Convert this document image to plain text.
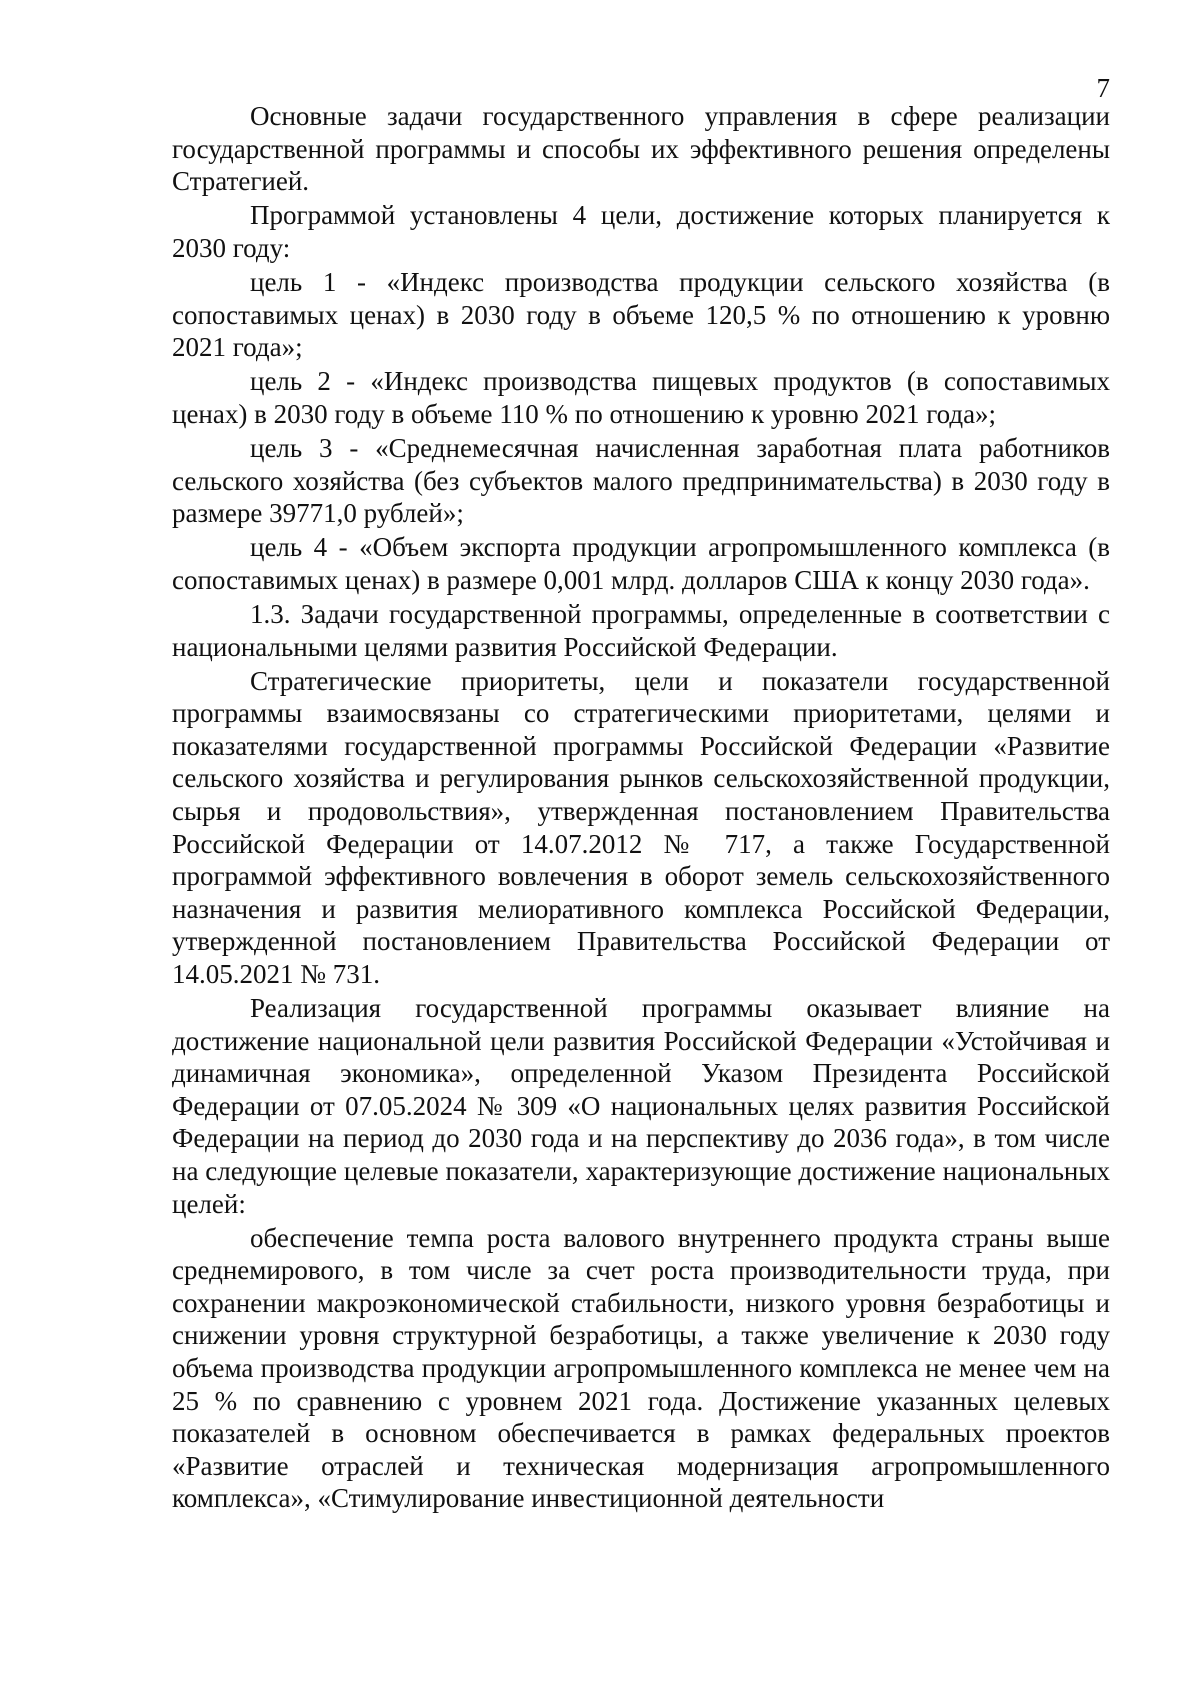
7

Основные задачи государственного управления в сфере реализации государственной программы и способы их эффективного решения определены Стратегией.

Программой установлены 4 цели, достижение которых планируется к 2030 году:

цель 1 - «Индекс производства продукции сельского хозяйства (в сопоставимых ценах) в 2030 году в объеме 120,5 % по отношению к уровню 2021 года»;

цель 2 - «Индекс производства пищевых продуктов (в сопоставимых ценах) в 2030 году в объеме 110 % по отношению к уровню 2021 года»;

цель 3 - «Среднемесячная начисленная заработная плата работников сельского хозяйства (без субъектов малого предпринимательства) в 2030 году в размере 39771,0 рублей»;

цель 4 - «Объем экспорта продукции агропромышленного комплекса (в сопоставимых ценах) в размере 0,001 млрд. долларов США к концу 2030 года».

1.3. Задачи государственной программы, определенные в соответствии с национальными целями развития Российской Федерации.

Стратегические приоритеты, цели и показатели государственной программы взаимосвязаны со стратегическими приоритетами, целями и показателями государственной программы Российской Федерации «Развитие сельского хозяйства и регулирования рынков сельскохозяйственной продукции, сырья и продовольствия», утвержденная постановлением Правительства Российской Федерации от 14.07.2012 № 717, а также Государственной программой эффективного вовлечения в оборот земель сельскохозяйственного назначения и развития мелиоративного комплекса Российской Федерации, утвержденной постановлением Правительства Российской Федерации от 14.05.2021 № 731.

Реализация государственной программы оказывает влияние на достижение национальной цели развития Российской Федерации «Устойчивая и динамичная экономика», определенной Указом Президента Российской Федерации от 07.05.2024 № 309 «О национальных целях развития Российской Федерации на период до 2030 года и на перспективу до 2036 года», в том числе на следующие целевые показатели, характеризующие достижение национальных целей:

обеспечение темпа роста валового внутреннего продукта страны выше среднемирового, в том числе за счет роста производительности труда, при сохранении макроэкономической стабильности, низкого уровня безработицы и снижении уровня структурной безработицы, а также увеличение к 2030 году объема производства продукции агропромышленного комплекса не менее чем на 25 % по сравнению с уровнем 2021 года. Достижение указанных целевых показателей в основном обеспечивается в рамках федеральных проектов «Развитие отраслей и техническая модернизация агропромышленного комплекса», «Стимулирование инвестиционной деятельности
